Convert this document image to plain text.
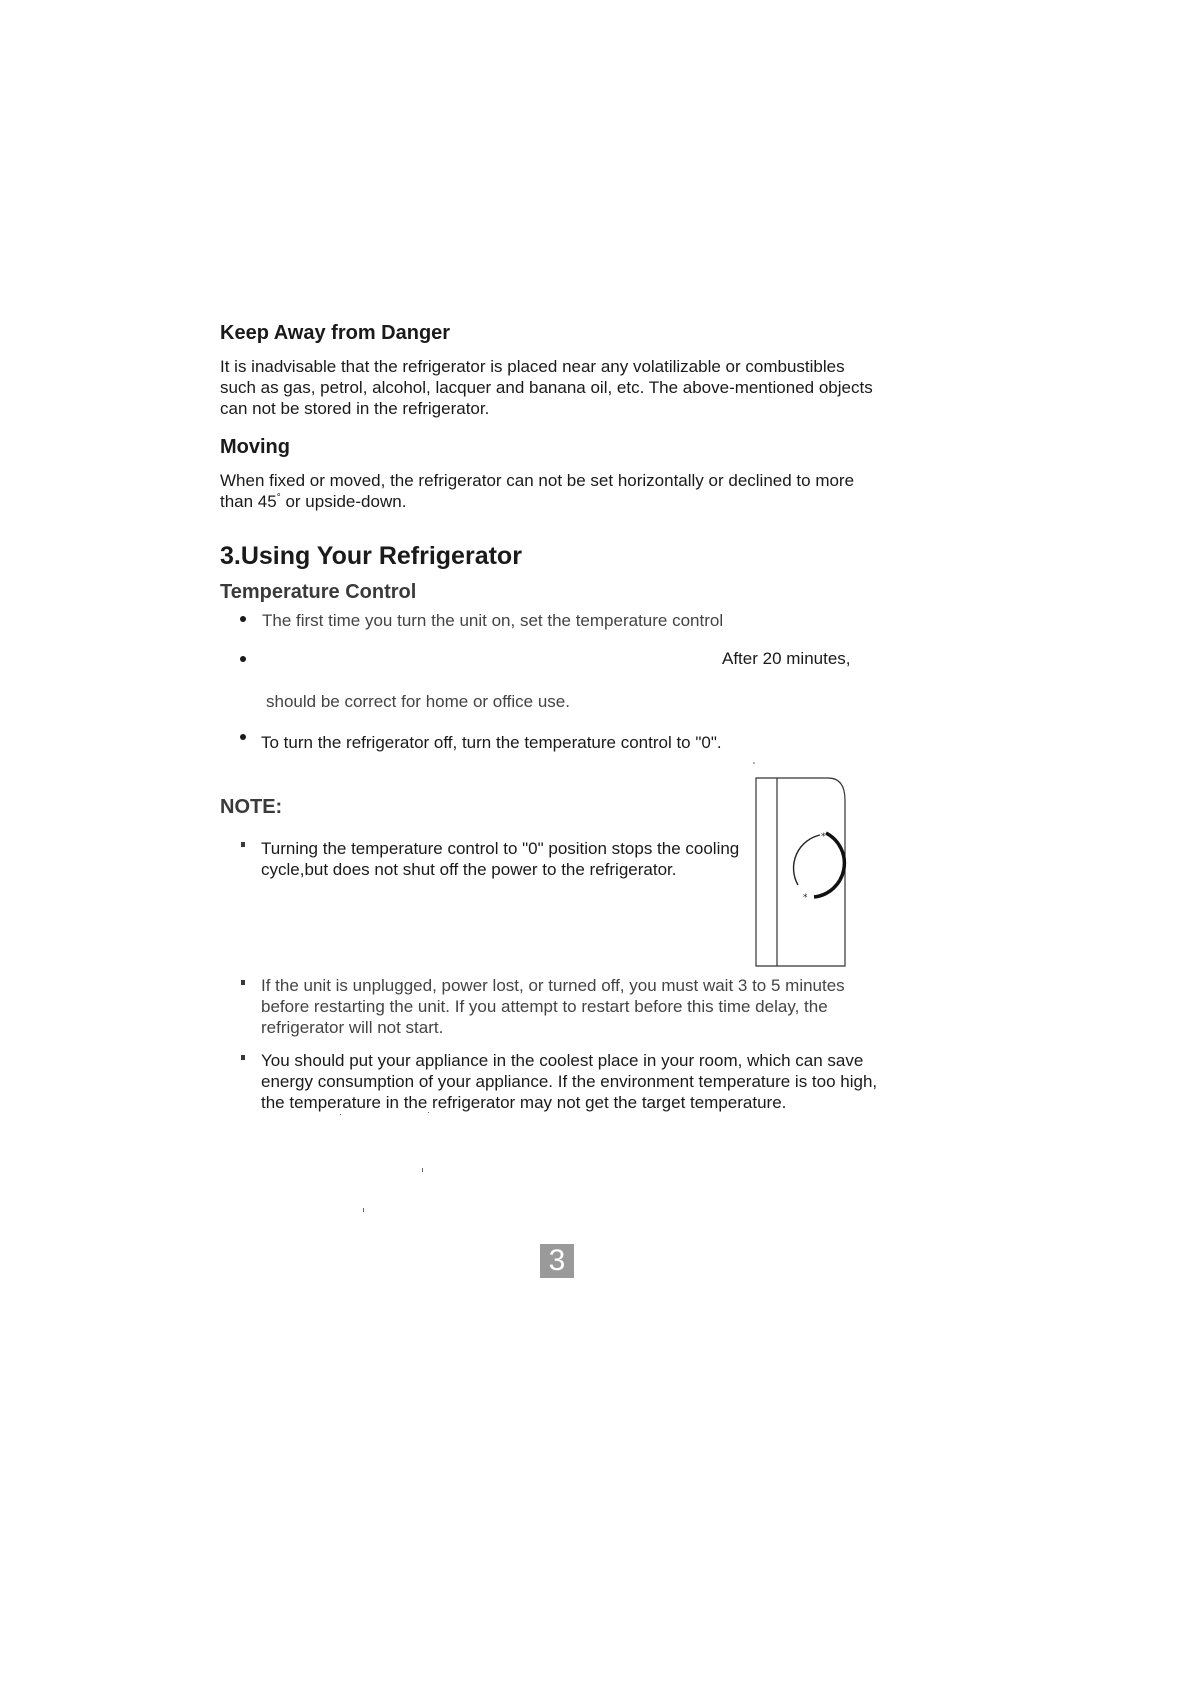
Keep Away from Danger
It is inadvisable that the refrigerator is placed near any volatilizable or combustibles
such as gas, petrol, alcohol, lacquer and banana oil, etc. The above-mentioned objects
can not be stored in the refrigerator.
Moving
When fixed or moved, the refrigerator can not be set horizontally or declined to more
than 45° or upside-down.
3.Using Your Refrigerator
Temperature Control
The first time you turn the unit on, set the temperature control
After 20 minutes,
should be correct for home or office use.
To turn the refrigerator off, turn the temperature control to "0".
NOTE:
Turning the temperature control to "0" position stops the cooling
cycle,but does not shut off the power to the refrigerator.
*
*
If the unit is unplugged, power lost, or turned off, you must wait 3 to 5 minutes
before restarting the unit. If you attempt to restart before this time delay, the
refrigerator will not start.
You should put your appliance in the coolest place in your room, which can save
energy consumption of your appliance. If the environment temperature is too high,
the temperature in the refrigerator may not get the target temperature.
3
